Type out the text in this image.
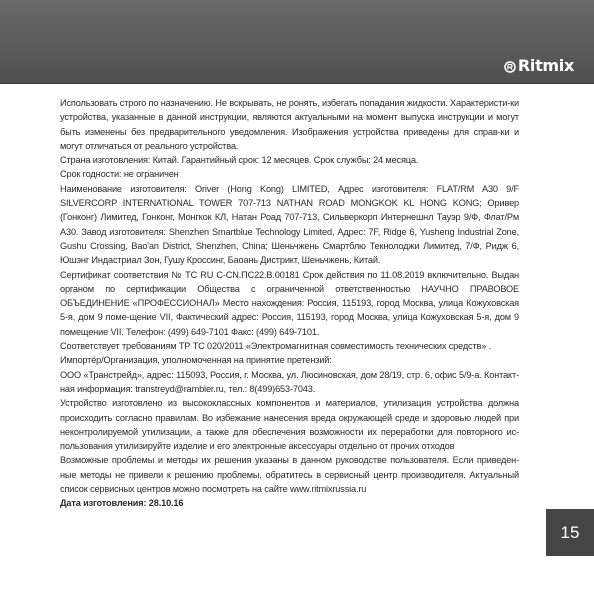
Ritmix

Использовать строго по назначению. Не вскрывать, не ронять, избегать попадания жидкости. Характеристи-ки устройства, указанные в данной инструкции, являются актуальными на момент выпуска инструкции и могут быть изменены без предварительного уведомления. Изображения устройства приведены для справ-ки и могут отличаться от реального устройства.

Страна изготовления: Китай. Гарантийный срок: 12 месяцев. Срок службы: 24 месяца.

Срок годности: не ограничен

Наименование изготовителя: Oriver (Hong Kong) LIMITED, Адрес изготовителя: FLAT/RM A30 9/F SILVERCORP INTERNATIONAL TOWER 707-713 NATHAN ROAD MONGKOK KL HONG KONG; Оривер (Гонконг) Лимитед, Гонконг, Монгкок КЛ, Натан Роад 707-713, Сильверкорп Интернешнл Тауэр 9/Ф, Флат/Рм А30. Завод изготовителя: Shenzhen Smartblue Technology Limited, Адрес: 7F, Ridge 6, Yusheng Industrial Zone, Gushu Crossing, Bao'an District, Shenzhen, China; Шеньчжень Смартблю Текнолоджи Лимитед, 7/Ф, Ридж 6, Юшэнг Индастриал Зон, Гушу Кроссинг, Баоань Дистрикт, Шеньчжень, Китай.

Сертификат соответствия № ТС RU C-CN.ПС22.В.00181 Срок действия по 11.08.2019 включительно. Выдан органом по сертификации Общества с ограниченной ответственностью НАУЧНО ПРАВОВОЕ ОБЪЕДИНЕНИЕ «ПРОФЕССИОНАЛ» Место нахождения: Россия, 115193, город Москва, улица Кожуховская 5-я, дом 9 поме-щение VII, Фактический адрес: Россия, 115193, город Москва, улица Кожуховская 5-я, дом 9 помещение VII. Телефон: (499) 649-7101 Факс: (499) 649-7101.

Соответствует требованиям ТР ТС 020/2011 «Электромагнитная совместимость технических средств» .

Импортёр/Организация, уполномоченная на принятие претензий:

ООО «Транстрейд», адрес: 115093, Россия, г. Москва, ул. Люсиновская, дом 28/19, стр. 6, офис 5/9-а. Контакт-ная информация: transtreyd@rambler.ru, тел.: 8(499)653-7043.

Устройство изготовлено из высококлассных компонентов и материалов, утилизация устройства должна происходить согласно правилам. Во избежание нанесения вреда окружающей среде и здоровью людей при неконтролируемой утилизации, а также для обеспечения возможности их переработки для повторного ис-пользования утилизируйте изделие и его электронные аксессуары отдельно от прочих отходов

Возможные проблемы и методы их решения указаны в данном руководстве пользователя. Если приведен-ные методы не привели к решению проблемы, обратитесь в сервисный центр производителя. Актуальный список сервисных центров можно посмотреть на сайте www.ritmixrussia.ru

Дата изготовления: 28.10.16

15
